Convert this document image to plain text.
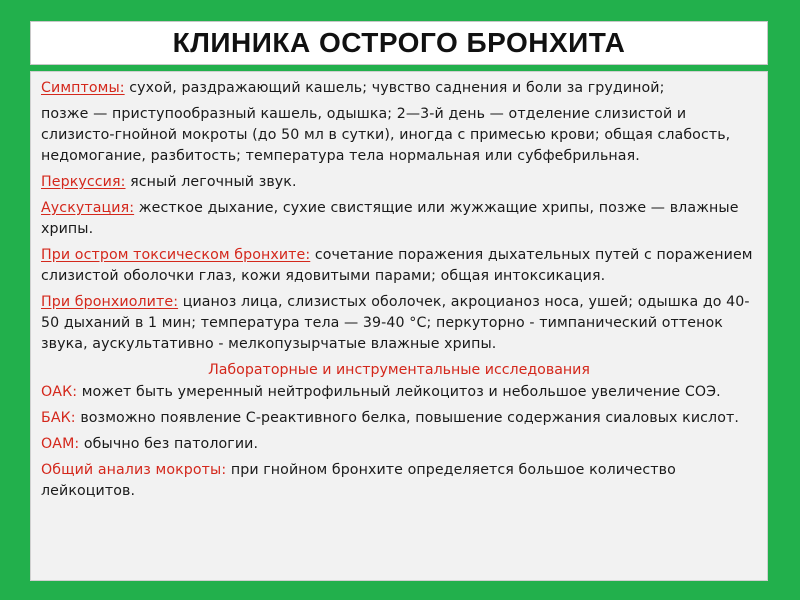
КЛИНИКА ОСТРОГО БРОНХИТА

Симптомы: сухой, раздражающий кашель; чувство саднения и боли за грудиной;

позже — приступообразный кашель, одышка; 2—3-й день — отделение слизистой и слизисто-гнойной мокроты (до 50 мл в сутки), иногда с примесью крови; общая слабость, недомогание, разбитость; температура тела нормальная или субфебрильная.

Перкуссия: ясный легочный звук.

Аускутация: жесткое дыхание, сухие свистящие или жужжащие хрипы, позже — влажные хрипы.

При остром токсическом бронхите: сочетание поражения дыхательных путей с поражением слизистой оболочки глаз, кожи ядовитыми парами; общая интоксикация.

При бронхиолите: цианоз лица, слизистых оболочек, акроцианоз носа, ушей; одышка до 40-50 дыханий в 1 мин; температура тела — 39-40 °С; перкуторно - тимпанический оттенок звука, аускультативно - мелкопузырчатые влажные хрипы.

Лабораторные и инструментальные исследования

ОАК: может быть умеренный нейтрофильный лейкоцитоз и небольшое увеличение СОЭ.

БАК: возможно появление С-реактивного белка, повышение содержания сиаловых кислот.

ОАМ: обычно без патологии.

Общий анализ мокроты: при гнойном бронхите определяется большое количество лейкоцитов.
